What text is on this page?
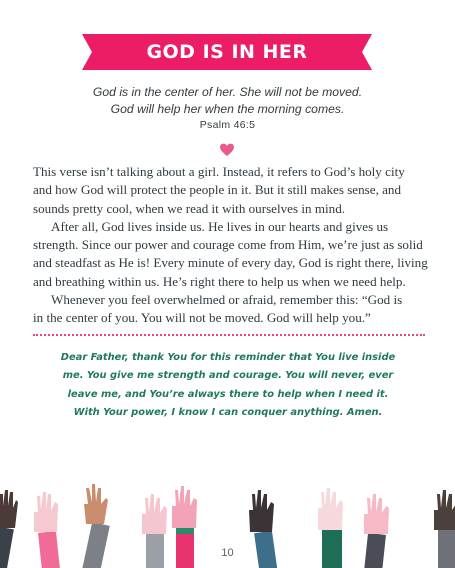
GOD IS IN HER
God is in the center of her. She will not be moved.
God will help her when the morning comes.
Psalm 46:5
This verse isn’t talking about a girl. Instead, it refers to God’s holy city
and how God will protect the people in it. But it still makes sense, and
sounds pretty cool, when we read it with ourselves in mind.
After all, God lives inside us. He lives in our hearts and gives us
strength. Since our power and courage come from Him, we’re just as solid
and steadfast as He is! Every minute of every day, God is right there, living
and breathing within us. He’s right there to help us when we need help.
Whenever you feel overwhelmed or afraid, remember this: “God is
in the center of you. You will not be moved. God will help you.”
Dear Father, thank You for this reminder that You live inside
me. You give me strength and courage. You will never, ever
leave me, and You’re always there to help when I need it.
With Your power, I know I can conquer anything. Amen.
10
